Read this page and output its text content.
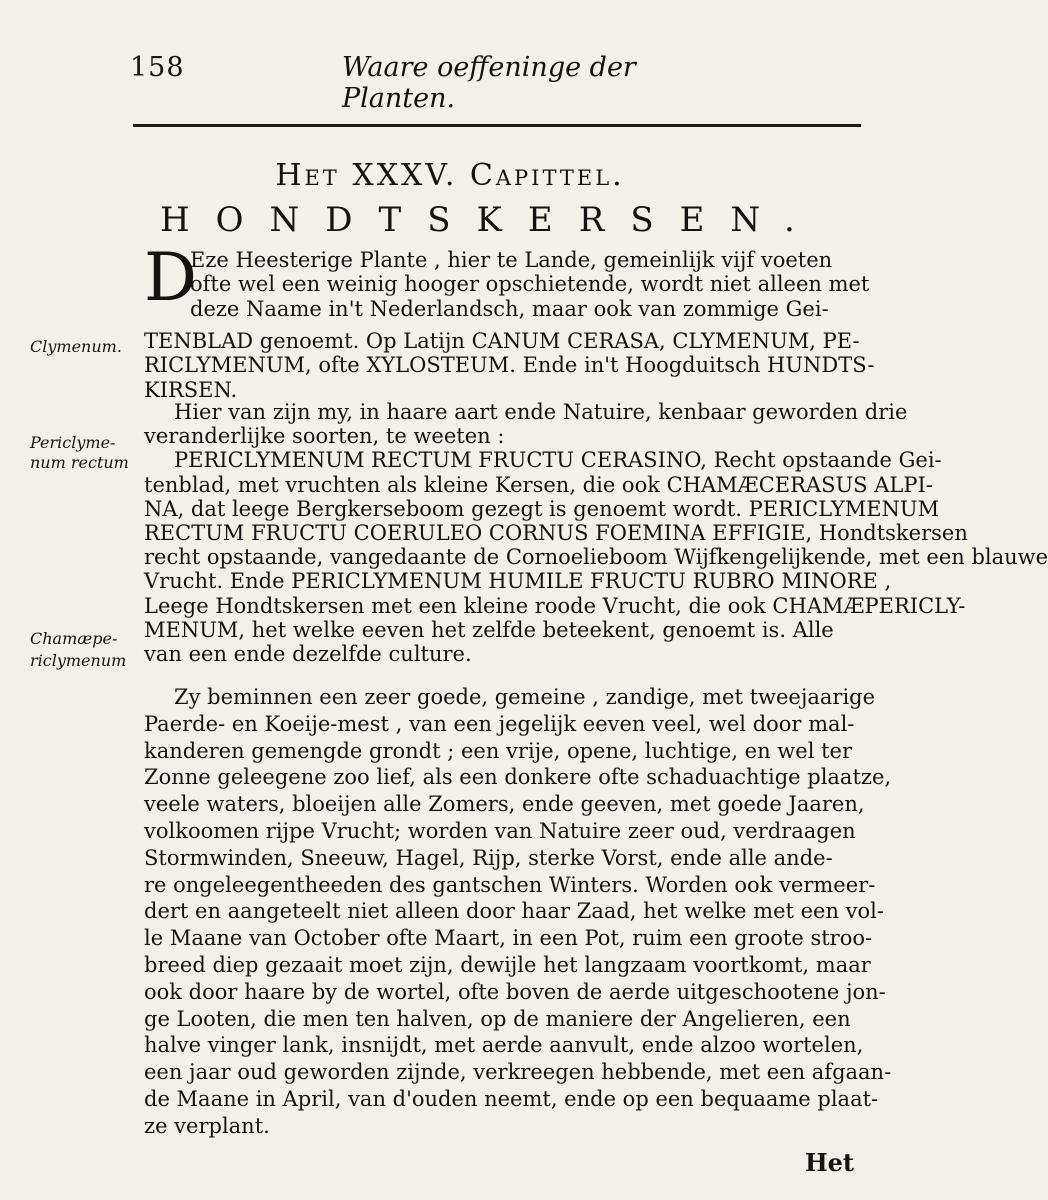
158	Waare oeffeninge der Planten.
Het XXXV. Capittel.
HONDTSKERSEN.
D
Eze Heesterige Plante , hier te Lande, gemeinlijk vijf voeten
ofte wel een weinig hooger opschietende, wordt niet alleen met
deze Naame in't Nederlandsch, maar ook van zommige Gei-
TENBLAD genoemt. Op Latijn CANUM CERASA, CLYMENUM, PE-
RICLYMENUM, ofte XYLOSTEUM. Ende in't Hoogduitsch HUNDTS-
KIRSEN.
Hier van zijn my, in haare aart ende Natuire, kenbaar geworden drie
veranderlijke soorten, te weeten :
PERICLYMENUM RECTUM FRUCTU CERASINO, Recht opstaande Gei-
tenblad, met vruchten als kleine Kersen, die ook CHAMÆCERASUS ALPI-
NA, dat leege Bergkerseboom gezegt is genoemt wordt. PERICLYMENUM
RECTUM FRUCTU COERULEO CORNUS FOEMINA EFFIGIE, Hondtskersen
recht opstaande, vangedaante de Cornoelieboom Wijfkengelijkende, met een blauwe
Vrucht. Ende PERICLYMENUM HUMILE FRUCTU RUBRO MINORE ,
Leege Hondtskersen met een kleine roode Vrucht, die ook CHAMÆPERICLY-
MENUM, het welke eeven het zelfde beteekent, genoemt is. Alle
van een ende dezelfde culture.
Zy beminnen een zeer goede, gemeine , zandige, met tweejaarige
Paerde- en Koeije-mest , van een jegelijk eeven veel, wel door mal-
kanderen gemengde grondt ; een vrije, opene, luchtige, en wel ter
Zonne geleegene zoo lief, als een donkere ofte schaduachtige plaatze,
veele waters, bloeijen alle Zomers, ende geeven, met goede Jaaren,
volkoomen rijpe Vrucht; worden van Natuire zeer oud, verdraagen
Stormwinden, Sneeuw, Hagel, Rijp, sterke Vorst, ende alle ande-
re ongeleegentheeden des gantschen Winters. Worden ook vermeer-
dert en aangeteelt niet alleen door haar Zaad, het welke met een vol-
le Maane van October ofte Maart, in een Pot, ruim een groote stroo-
breed diep gezaait moet zijn, dewijle het langzaam voortkomt, maar
ook door haare by de wortel, ofte boven de aerde uitgeschootene jon-
ge Looten, die men ten halven, op de maniere der Angelieren, een
halve vinger lank, insnijdt, met aerde aanvult, ende alzoo wortelen,
een jaar oud geworden zijnde, verkreegen hebbende, met een afgaan-
de Maane in April, van d'ouden neemt, ende op een bequaame plaat-
ze verplant.
Clymenum.
Periclyme-
num rectum
Chamæpe-
riclymenum
Het
